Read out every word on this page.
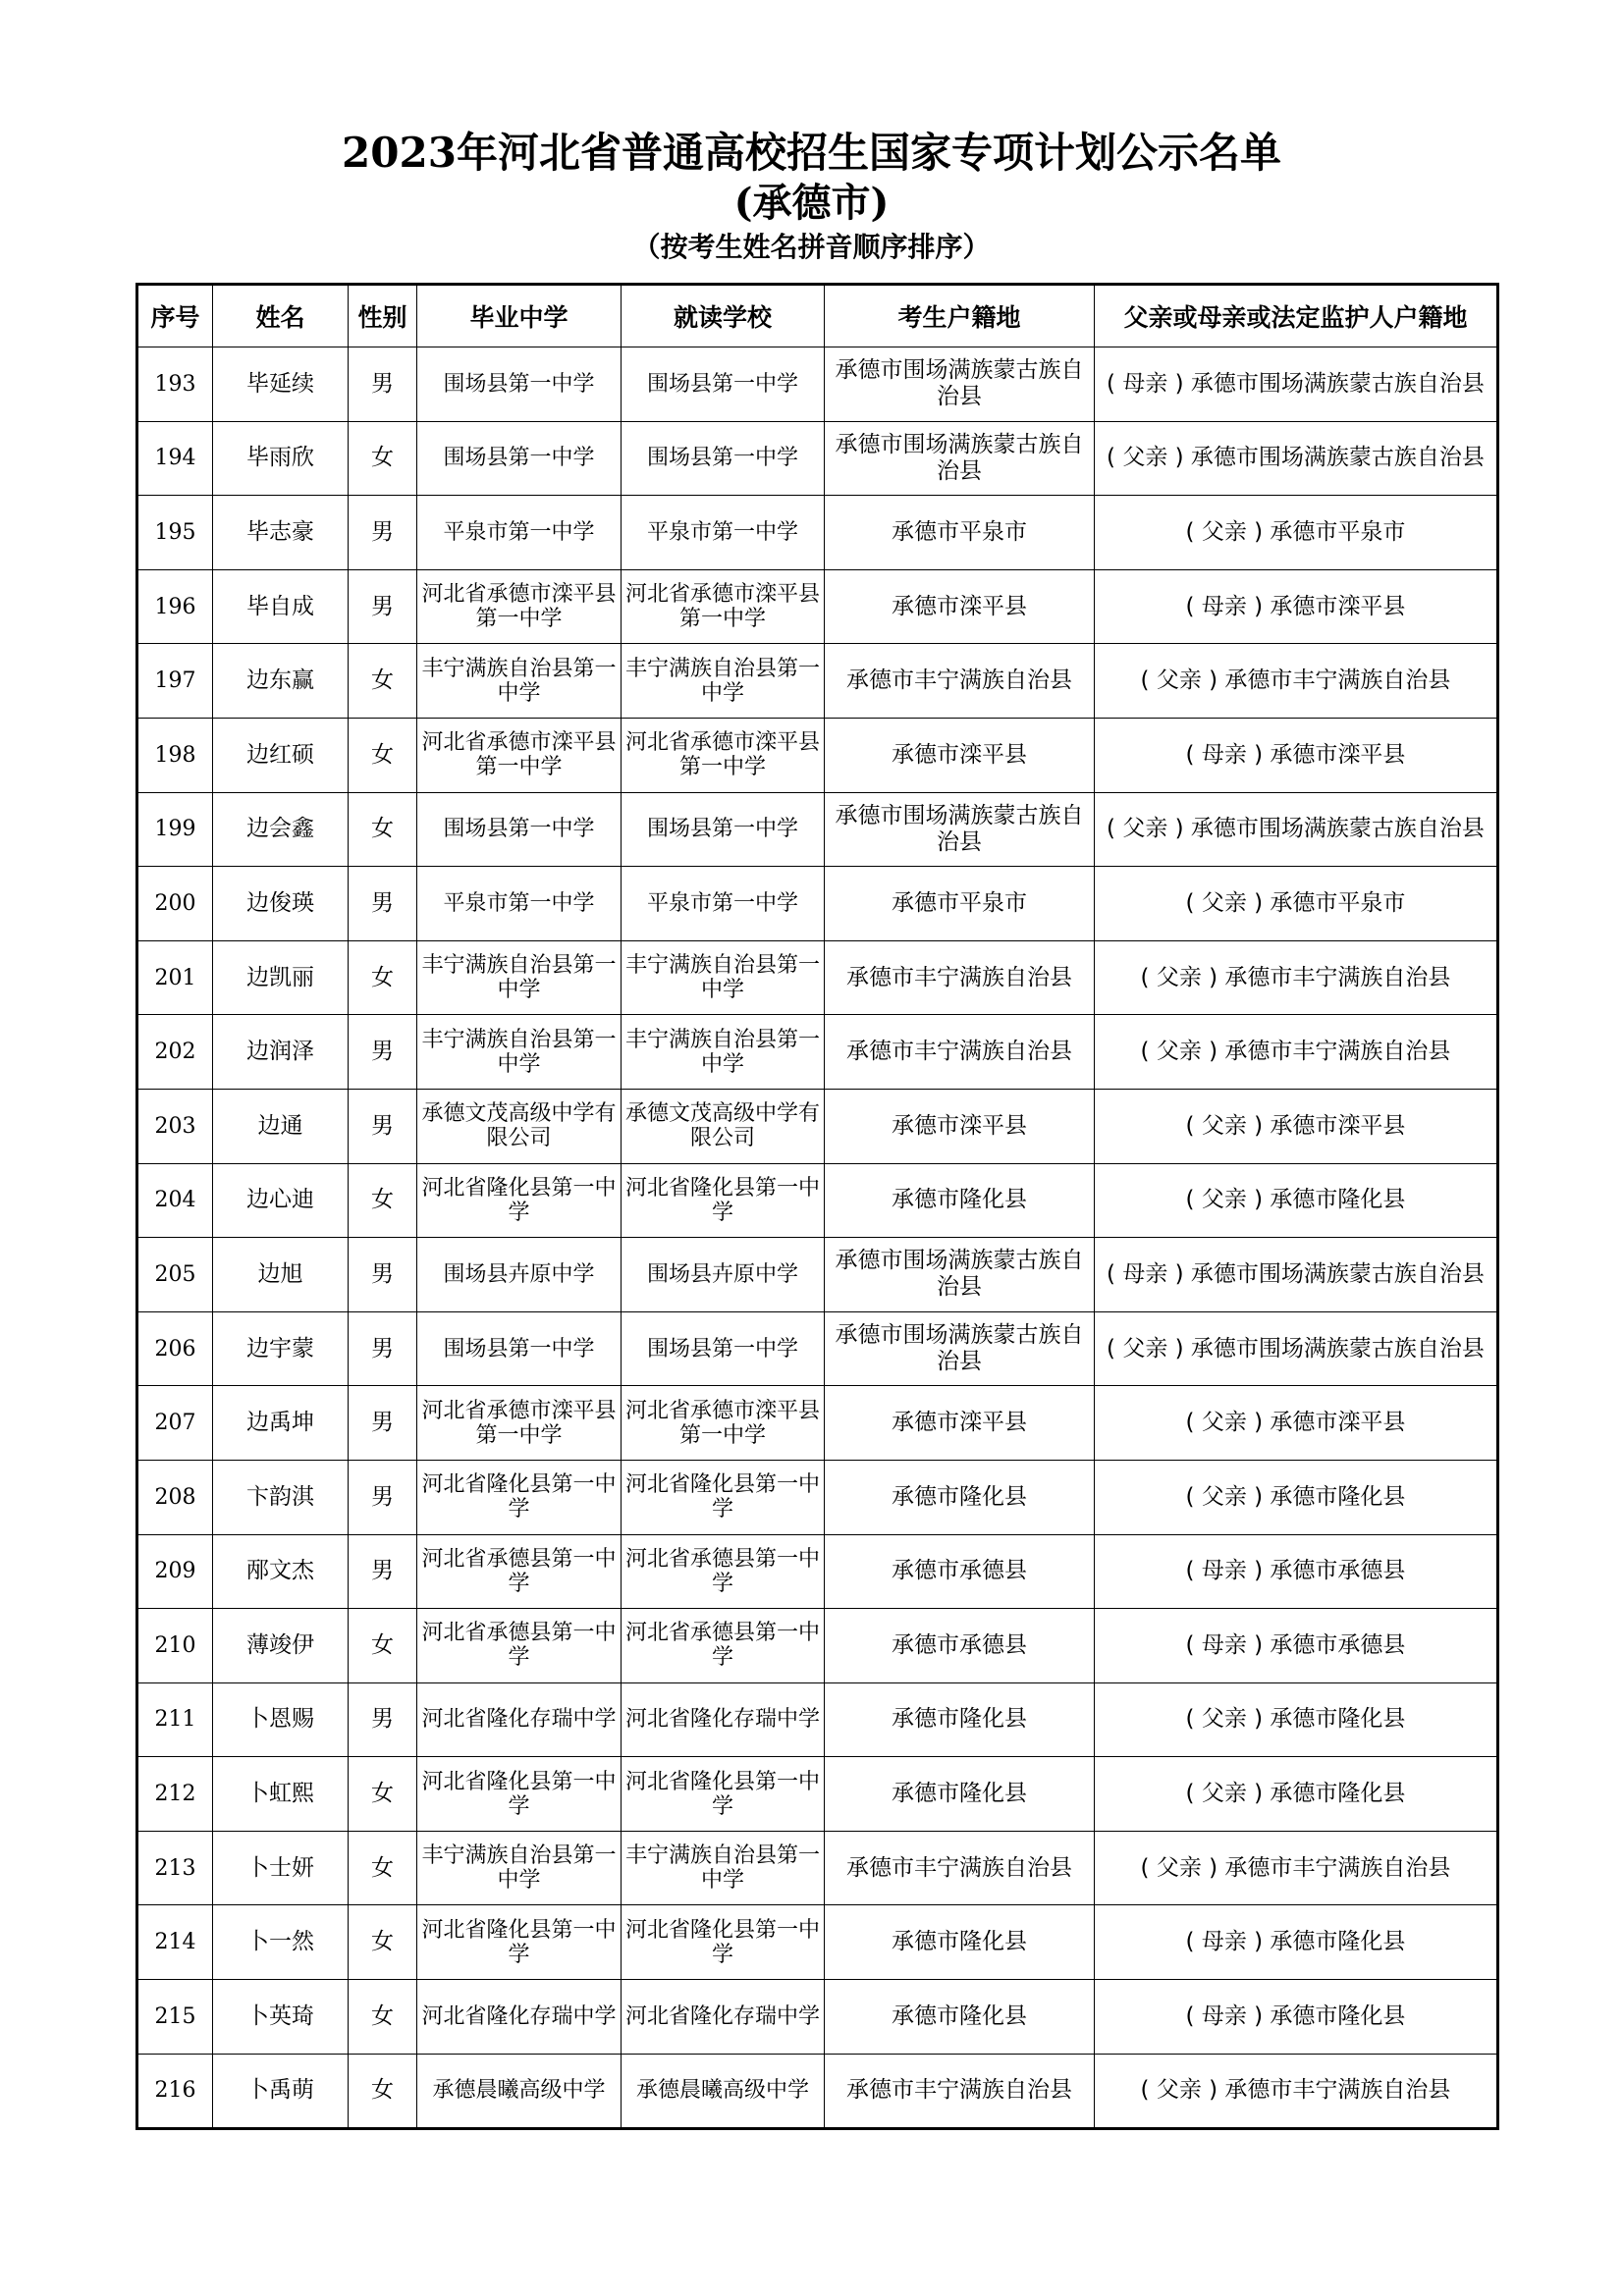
2023年河北省普通高校招生国家专项计划公示名单
(承德市)
（按考生姓名拼音顺序排序）
序号	姓名	性别	毕业中学	就读学校	考生户籍地	父亲或母亲或法定监护人户籍地
193	毕延续	男	围场县第一中学	围场县第一中学	承德市围场满族蒙古族自治县	( 母亲 ) 承德市围场满族蒙古族自治县
194	毕雨欣	女	围场县第一中学	围场县第一中学	承德市围场满族蒙古族自治县	( 父亲 ) 承德市围场满族蒙古族自治县
195	毕志豪	男	平泉市第一中学	平泉市第一中学	承德市平泉市	( 父亲 ) 承德市平泉市
196	毕自成	男	河北省承德市滦平县第一中学	河北省承德市滦平县第一中学	承德市滦平县	( 母亲 ) 承德市滦平县
197	边东赢	女	丰宁满族自治县第一中学	丰宁满族自治县第一中学	承德市丰宁满族自治县	( 父亲 ) 承德市丰宁满族自治县
198	边红硕	女	河北省承德市滦平县第一中学	河北省承德市滦平县第一中学	承德市滦平县	( 母亲 ) 承德市滦平县
199	边会鑫	女	围场县第一中学	围场县第一中学	承德市围场满族蒙古族自治县	( 父亲 ) 承德市围场满族蒙古族自治县
200	边俊瑛	男	平泉市第一中学	平泉市第一中学	承德市平泉市	( 父亲 ) 承德市平泉市
201	边凯丽	女	丰宁满族自治县第一中学	丰宁满族自治县第一中学	承德市丰宁满族自治县	( 父亲 ) 承德市丰宁满族自治县
202	边润泽	男	丰宁满族自治县第一中学	丰宁满族自治县第一中学	承德市丰宁满族自治县	( 父亲 ) 承德市丰宁满族自治县
203	边通	男	承德文茂高级中学有限公司	承德文茂高级中学有限公司	承德市滦平县	( 父亲 ) 承德市滦平县
204	边心迪	女	河北省隆化县第一中学	河北省隆化县第一中学	承德市隆化县	( 父亲 ) 承德市隆化县
205	边旭	男	围场县卉原中学	围场县卉原中学	承德市围场满族蒙古族自治县	( 母亲 ) 承德市围场满族蒙古族自治县
206	边宇蒙	男	围场县第一中学	围场县第一中学	承德市围场满族蒙古族自治县	( 父亲 ) 承德市围场满族蒙古族自治县
207	边禹坤	男	河北省承德市滦平县第一中学	河北省承德市滦平县第一中学	承德市滦平县	( 父亲 ) 承德市滦平县
208	卞韵淇	男	河北省隆化县第一中学	河北省隆化县第一中学	承德市隆化县	( 父亲 ) 承德市隆化县
209	邴文杰	男	河北省承德县第一中学	河北省承德县第一中学	承德市承德县	( 母亲 ) 承德市承德县
210	薄竣伊	女	河北省承德县第一中学	河北省承德县第一中学	承德市承德县	( 母亲 ) 承德市承德县
211	卜恩赐	男	河北省隆化存瑞中学	河北省隆化存瑞中学	承德市隆化县	( 父亲 ) 承德市隆化县
212	卜虹熙	女	河北省隆化县第一中学	河北省隆化县第一中学	承德市隆化县	( 父亲 ) 承德市隆化县
213	卜士妍	女	丰宁满族自治县第一中学	丰宁满族自治县第一中学	承德市丰宁满族自治县	( 父亲 ) 承德市丰宁满族自治县
214	卜一然	女	河北省隆化县第一中学	河北省隆化县第一中学	承德市隆化县	( 母亲 ) 承德市隆化县
215	卜英琦	女	河北省隆化存瑞中学	河北省隆化存瑞中学	承德市隆化县	( 母亲 ) 承德市隆化县
216	卜禹萌	女	承德晨曦高级中学	承德晨曦高级中学	承德市丰宁满族自治县	( 父亲 ) 承德市丰宁满族自治县
